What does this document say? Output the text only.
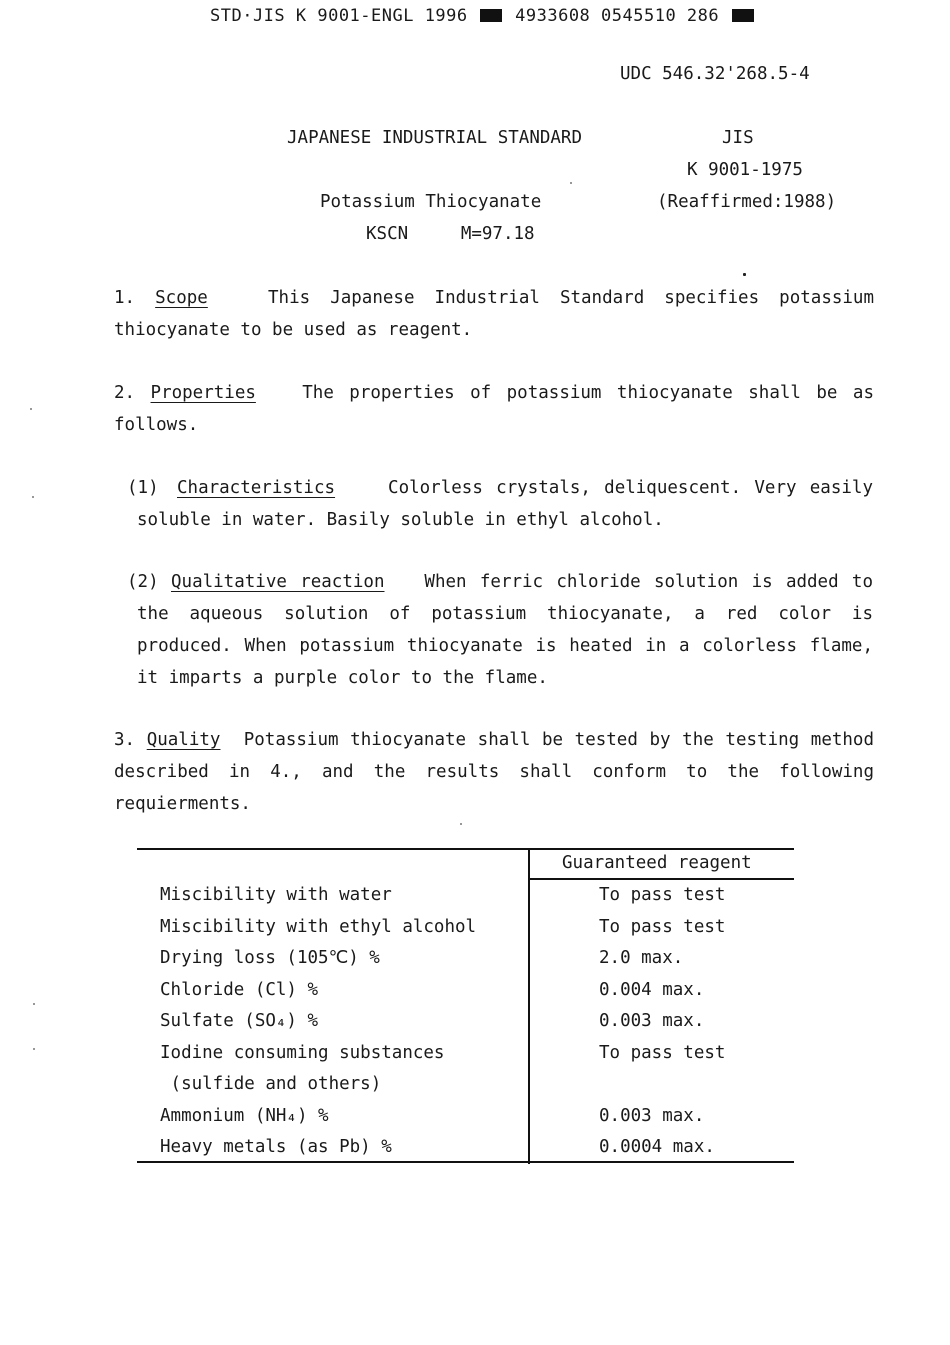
STD·JIS K 9001-ENGL 1996	4933608 0545510 286
UDC 546.32'268.5-4
JAPANESE INDUSTRIAL STANDARD	JIS
K 9001-1975
Potassium Thiocyanate	(Reaffirmed:1988)
KSCN     M=97.18
1. Scope	This Japanese Industrial Standard specifies potassium thiocyanate to be used as reagent.
2. Properties	The properties of potassium thiocyanate shall be as follows.
(1) Characteristics	Colorless crystals, deliquescent. Very easily soluble in water. Basily soluble in ethyl alcohol.
(2) Qualitative reaction When ferric chloride solution is added to the aqueous solution of potassium thiocyanate, a red color is produced. When potassium thiocyanate is heated in a colorless flame, it imparts a purple color to the flame.
3. Quality Potassium thiocyanate shall be tested by the testing method described in 4., and the results shall conform to the following requierments.
Guaranteed reagent
Miscibility with water	To pass test
Miscibility with ethyl alcohol	To pass test
Drying loss (105℃) %	2.0 max.
Chloride (Cl) %	0.004 max.
Sulfate (SO₄) %	0.003 max.
Iodine consuming substances	To pass test
(sulfide and others)
Ammonium (NH₄) %	0.003 max.
Heavy metals (as Pb) %	0.0004 max.
